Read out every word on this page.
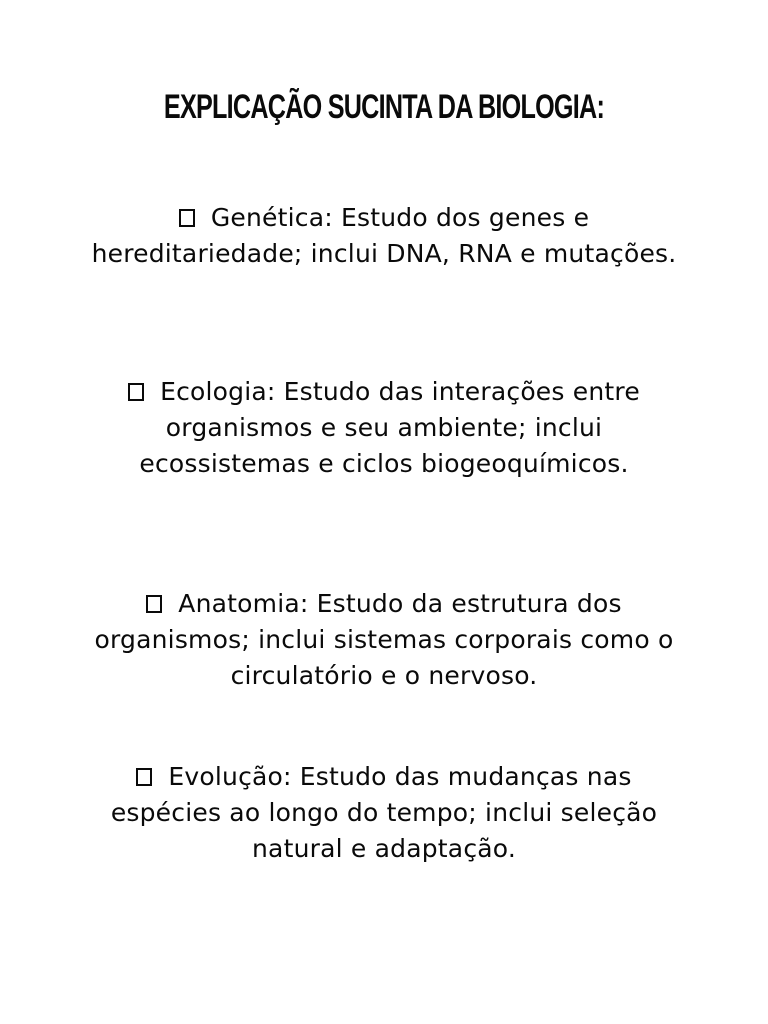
EXPLICAÇÃO SUCINTA DA BIOLOGIA:
Genética: Estudo dos genes e hereditariedade; inclui DNA, RNA e mutações.
Ecologia: Estudo das interações entre organismos e seu ambiente; inclui ecossistemas e ciclos biogeoquímicos.
Anatomia: Estudo da estrutura dos organismos; inclui sistemas corporais como o circulatório e o nervoso.
Evolução: Estudo das mudanças nas espécies ao longo do tempo; inclui seleção natural e adaptação.
